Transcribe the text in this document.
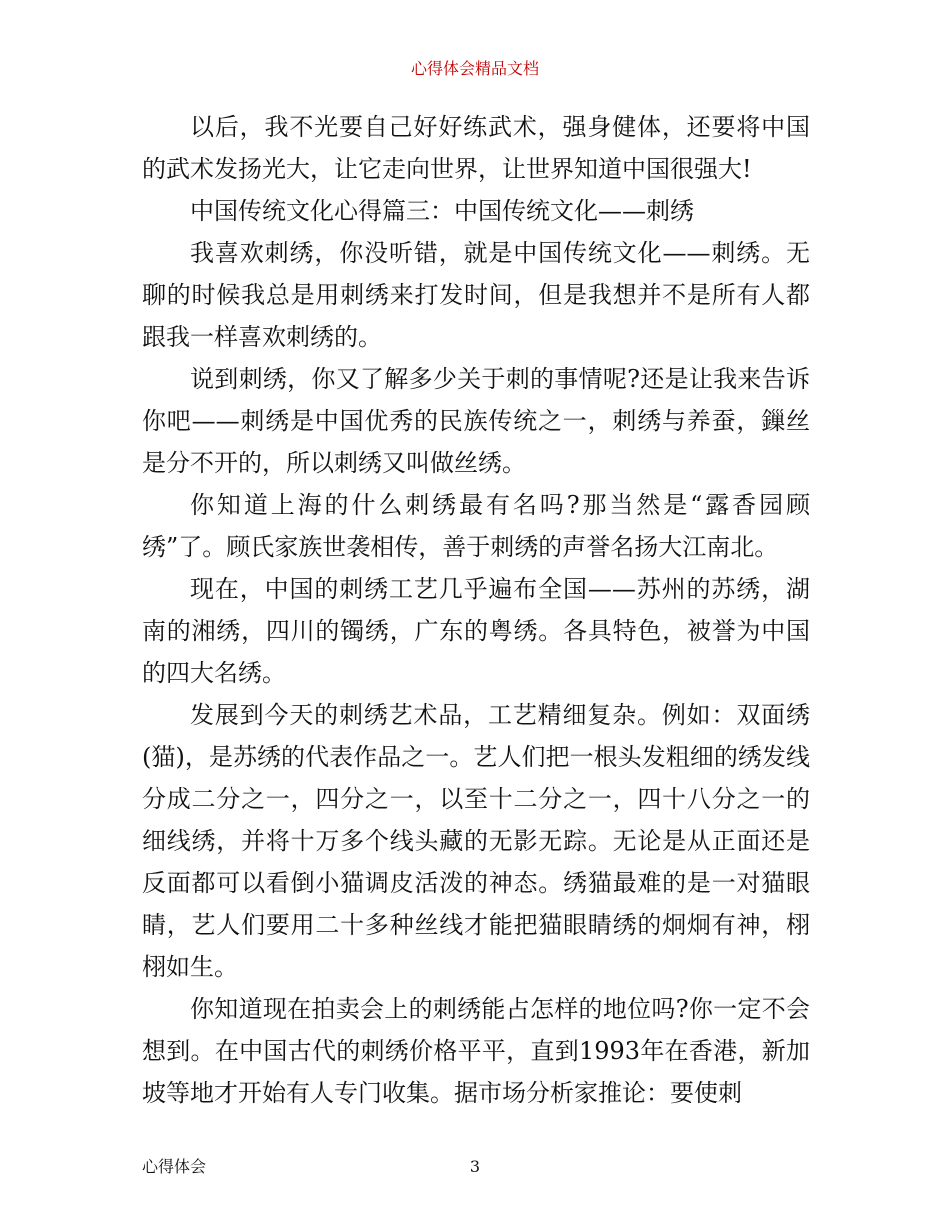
心得体会精品文档

以后，我不光要自己好好练武术，强身健体，还要将中国的武术发扬光大，让它走向世界，让世界知道中国很强大!

中国传统文化心得篇三：中国传统文化——刺绣

我喜欢刺绣，你没听错，就是中国传统文化——刺绣。无聊的时候我总是用刺绣来打发时间，但是我想并不是所有人都跟我一样喜欢刺绣的。

说到刺绣，你又了解多少关于刺的事情呢?还是让我来告诉你吧——刺绣是中国优秀的民族传统之一，刺绣与养蚕，鏁丝是分不开的，所以刺绣又叫做丝绣。

你知道上海的什么刺绣最有名吗?那当然是“露香园顾绣”了。顾氏家族世袭相传，善于刺绣的声誉名扬大江南北。

现在，中国的刺绣工艺几乎遍布全国——苏州的苏绣，湖南的湘绣，四川的镯绣，广东的粤绣。各具特色，被誉为中国的四大名绣。

发展到今天的刺绣艺术品，工艺精细复杂。例如：双面绣(猫)，是苏绣的代表作品之一。艺人们把一根头发粗细的绣发线分成二分之一，四分之一，以至十二分之一，四十八分之一的细线绣，并将十万多个线头藏的无影无踪。无论是从正面还是反面都可以看倒小猫调皮活泼的神态。绣猫最难的是一对猫眼睛，艺人们要用二十多种丝线才能把猫眼睛绣的炯炯有神，栩栩如生。

你知道现在拍卖会上的刺绣能占怎样的地位吗?你一定不会想到。在中国古代的刺绣价格平平，直到1993年在香港，新加坡等地才开始有人专门收集。据市场分析家推论：要使刺

心得体会	3
